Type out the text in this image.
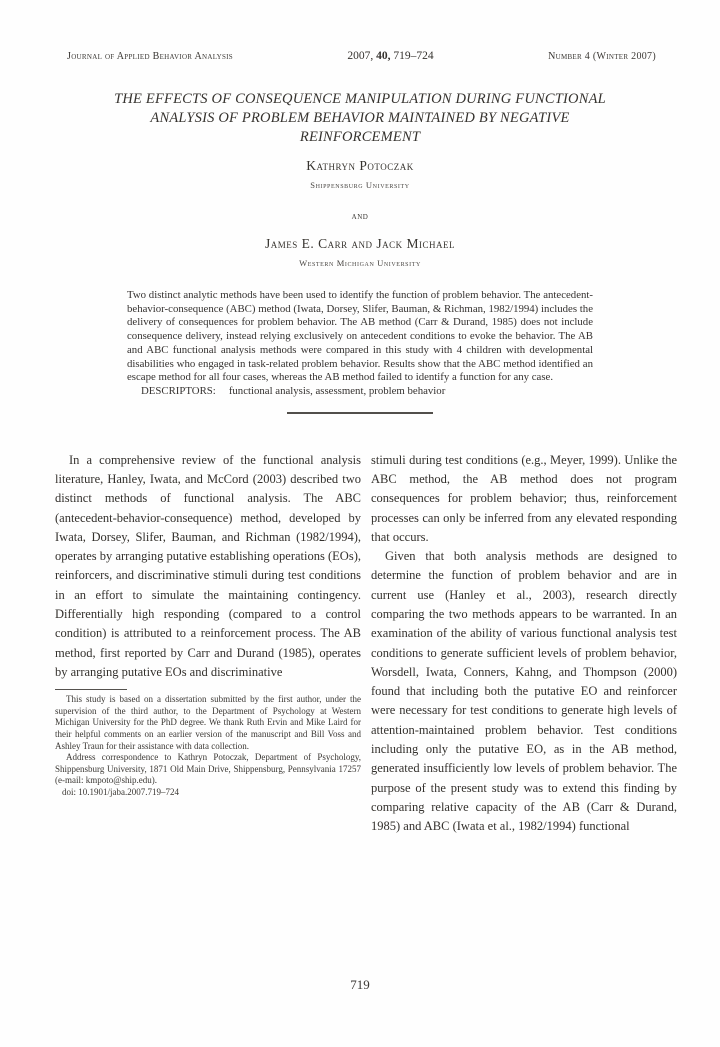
Journal of Applied Behavior Analysis	2007, 40, 719–724	Number 4 (Winter 2007)
THE EFFECTS OF CONSEQUENCE MANIPULATION DURING FUNCTIONAL ANALYSIS OF PROBLEM BEHAVIOR MAINTAINED BY NEGATIVE REINFORCEMENT
Kathryn Potoczak
Shippensburg University
and
James E. Carr and Jack Michael
Western Michigan University

Two distinct analytic methods have been used to identify the function of problem behavior. The antecedent-behavior-consequence (ABC) method (Iwata, Dorsey, Slifer, Bauman, & Richman, 1982/1994) includes the delivery of consequences for problem behavior. The AB method (Carr & Durand, 1985) does not include consequence delivery, instead relying exclusively on antecedent conditions to evoke the behavior. The AB and ABC functional analysis methods were compared in this study with 4 children with developmental disabilities who engaged in task-related problem behavior. Results show that the ABC method identified an escape method for all four cases, whereas the AB method failed to identify a function for any case.

DESCRIPTORS: functional analysis, assessment, problem behavior

In a comprehensive review of the functional analysis literature, Hanley, Iwata, and McCord (2003) described two distinct methods of functional analysis. The ABC (antecedent-behavior-consequence) method, developed by Iwata, Dorsey, Slifer, Bauman, and Richman (1982/1994), operates by arranging putative establishing operations (EOs), reinforcers, and discriminative stimuli during test conditions in an effort to simulate the maintaining contingency. Differentially high responding (compared to a control condition) is attributed to a reinforcement process. The AB method, first reported by Carr and Durand (1985), operates by arranging putative EOs and discriminative

This study is based on a dissertation submitted by the first author, under the supervision of the third author, to the Department of Psychology at Western Michigan University for the PhD degree. We thank Ruth Ervin and Mike Laird for their helpful comments on an earlier version of the manuscript and Bill Voss and Ashley Traun for their assistance with data collection.

Address correspondence to Kathryn Potoczak, Department of Psychology, Shippensburg University, 1871 Old Main Drive, Shippensburg, Pennsylvania 17257 (e-mail: kmpoto@ship.edu).

doi: 10.1901/jaba.2007.719–724

stimuli during test conditions (e.g., Meyer, 1999). Unlike the ABC method, the AB method does not program consequences for problem behavior; thus, reinforcement processes can only be inferred from any elevated responding that occurs.

Given that both analysis methods are designed to determine the function of problem behavior and are in current use (Hanley et al., 2003), research directly comparing the two methods appears to be warranted. In an examination of the ability of various functional analysis test conditions to generate sufficient levels of problem behavior, Worsdell, Iwata, Conners, Kahng, and Thompson (2000) found that including both the putative EO and reinforcer were necessary for test conditions to generate high levels of attention-maintained problem behavior. Test conditions including only the putative EO, as in the AB method, generated insufficiently low levels of problem behavior. The purpose of the present study was to extend this finding by comparing relative capacity of the AB (Carr & Durand, 1985) and ABC (Iwata et al., 1982/1994) functional

719
